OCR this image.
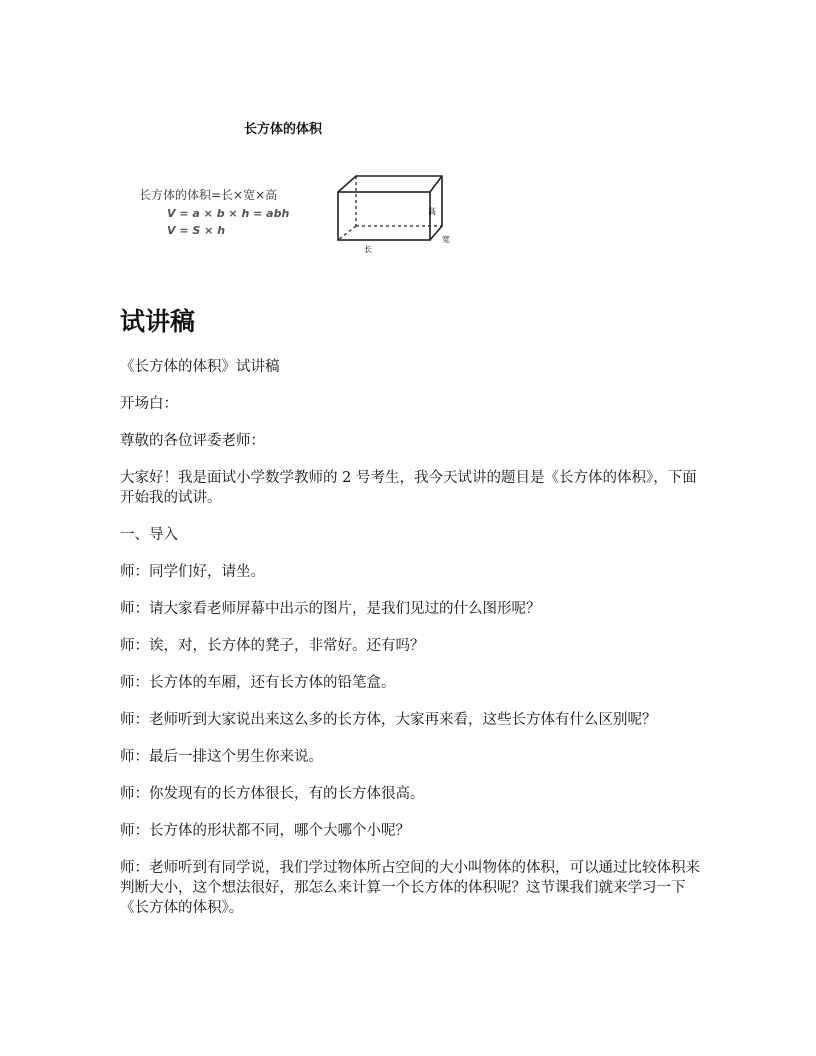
长方体的体积
长方体的体积=长×宽×高
V = a × b × h = abh
V = S × h
高
宽
长
试讲稿

《长方体的体积》试讲稿

开场白：

尊敬的各位评委老师：

大家好！我是面试小学数学教师的 2 号考生，我今天试讲的题目是《长方体的体积》，下面开始我的试讲。

一、导入

师：同学们好，请坐。

师：请大家看老师屏幕中出示的图片，是我们见过的什么图形呢？

师：诶，对，长方体的凳子，非常好。还有吗？

师：长方体的车厢，还有长方体的铅笔盒。

师：老师听到大家说出来这么多的长方体，大家再来看，这些长方体有什么区别呢？

师：最后一排这个男生你来说。

师：你发现有的长方体很长，有的长方体很高。

师：长方体的形状都不同，哪个大哪个小呢？

师：老师听到有同学说，我们学过物体所占空间的大小叫物体的体积，可以通过比较体积来判断大小，这个想法很好，那怎么来计算一个长方体的体积呢？这节课我们就来学习一下《长方体的体积》。
